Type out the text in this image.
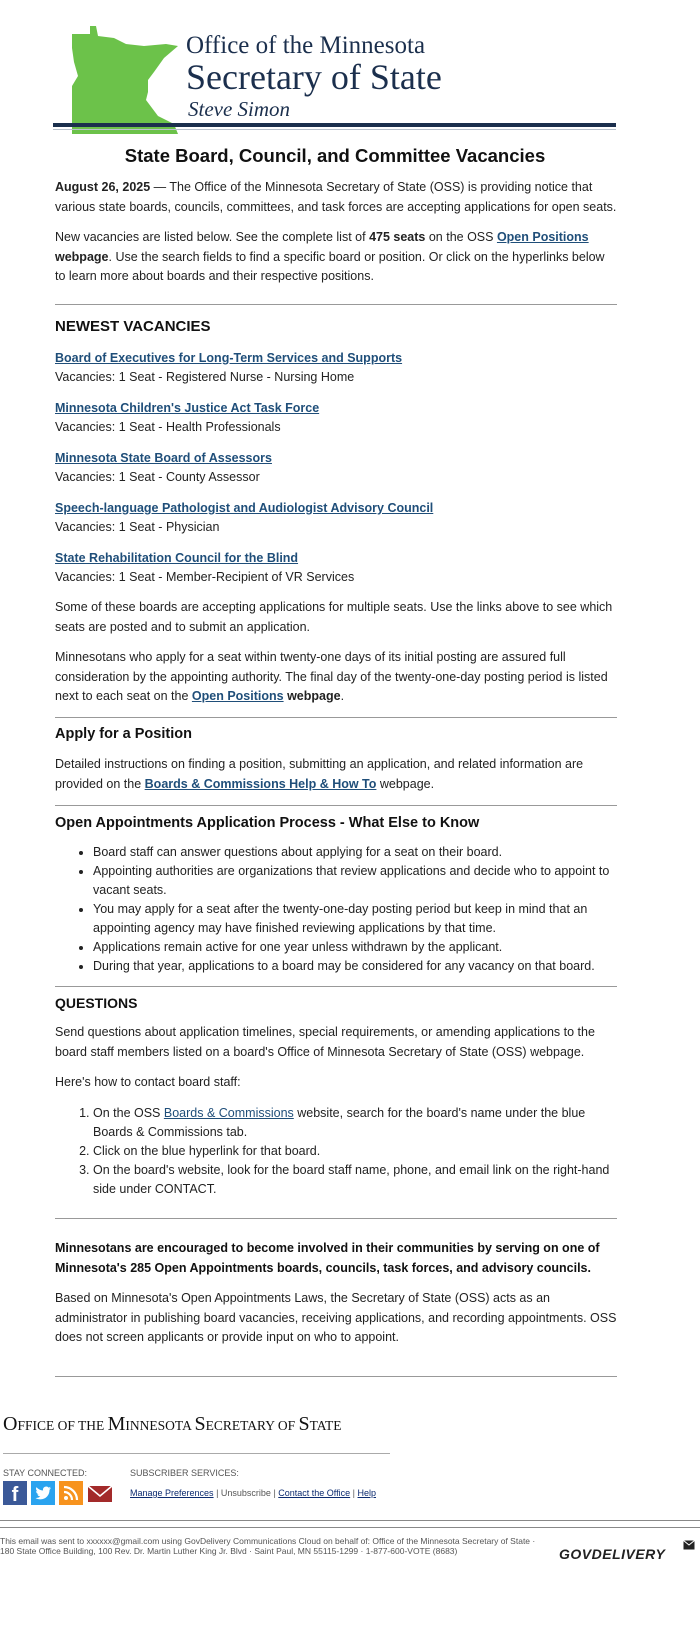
Office of the Minnesota
Secretary of State
Steve Simon
State Board, Council, and Committee Vacancies

August 26, 2025 — The Office of the Minnesota Secretary of State (OSS) is providing notice that various state boards, councils, committees, and task forces are accepting applications for open seats.

New vacancies are listed below. See the complete list of 475 seats on the OSS Open Positions
webpage. Use the search fields to find a specific board or position. Or click on the hyperlinks below to learn more about boards and their respective positions.

NEWEST VACANCIES
Board of Executives for Long-Term Services and Supports
Vacancies: 1 Seat - Registered Nurse - Nursing Home
Minnesota Children's Justice Act Task Force
Vacancies: 1 Seat - Health Professionals
Minnesota State Board of Assessors
Vacancies: 1 Seat - County Assessor
Speech-language Pathologist and Audiologist Advisory Council
Vacancies: 1 Seat - Physician
State Rehabilitation Council for the Blind
Vacancies: 1 Seat - Member-Recipient of VR Services

Some of these boards are accepting applications for multiple seats. Use the links above to see which seats are posted and to submit an application.

Minnesotans who apply for a seat within twenty-one days of its initial posting are assured full consideration by the appointing authority. The final day of the twenty-one-day posting period is listed next to each seat on the Open Positions webpage.

Apply for a Position

Detailed instructions on finding a position, submitting an application, and related information are provided on the Boards & Commissions Help & How To webpage.

Open Appointments Application Process - What Else to Know
• Board staff can answer questions about applying for a seat on their board.
• Appointing authorities are organizations that review applications and decide who to appoint to vacant seats.
• You may apply for a seat after the twenty-one-day posting period but keep in mind that an appointing agency may have finished reviewing applications by that time.
• Applications remain active for one year unless withdrawn by the applicant.
• During that year, applications to a board may be considered for any vacancy on that board.
QUESTIONS

Send questions about application timelines, special requirements, or amending applications to the board staff members listed on a board's Office of Minnesota Secretary of State (OSS) webpage.

Here's how to contact board staff:

1. On the OSS Boards & Commissions website, search for the board's name under the blue Boards & Commissions tab.
2. Click on the blue hyperlink for that board.
3. On the board's website, look for the board staff name, phone, and email link on the right-hand side under CONTACT.

Minnesotans are encouraged to become involved in their communities by serving on one of Minnesota's 285 Open Appointments boards, councils, task forces, and advisory councils.

Based on Minnesota's Open Appointments Laws, the Secretary of State (OSS) acts as an administrator in publishing board vacancies, receiving applications, and recording appointments. OSS does not screen applicants or provide input on who to appoint.

OFFICE OF THE MINNESOTA SECRETARY OF STATE
STAY CONNECTED:
f
SUBSCRIBER SERVICES:
Manage Preferences | Unsubscribe | Contact the Office | Help
This email was sent to xxxxxx@gmail.com using GovDelivery Communications Cloud on behalf of: Office of the Minnesota Secretary of State · 180 State Office Building, 100 Rev. Dr. Martin Luther King Jr. Blvd · Saint Paul, MN 55115-1299 · 1-877-600-VOTE (8683)	GOVDELIVERY
